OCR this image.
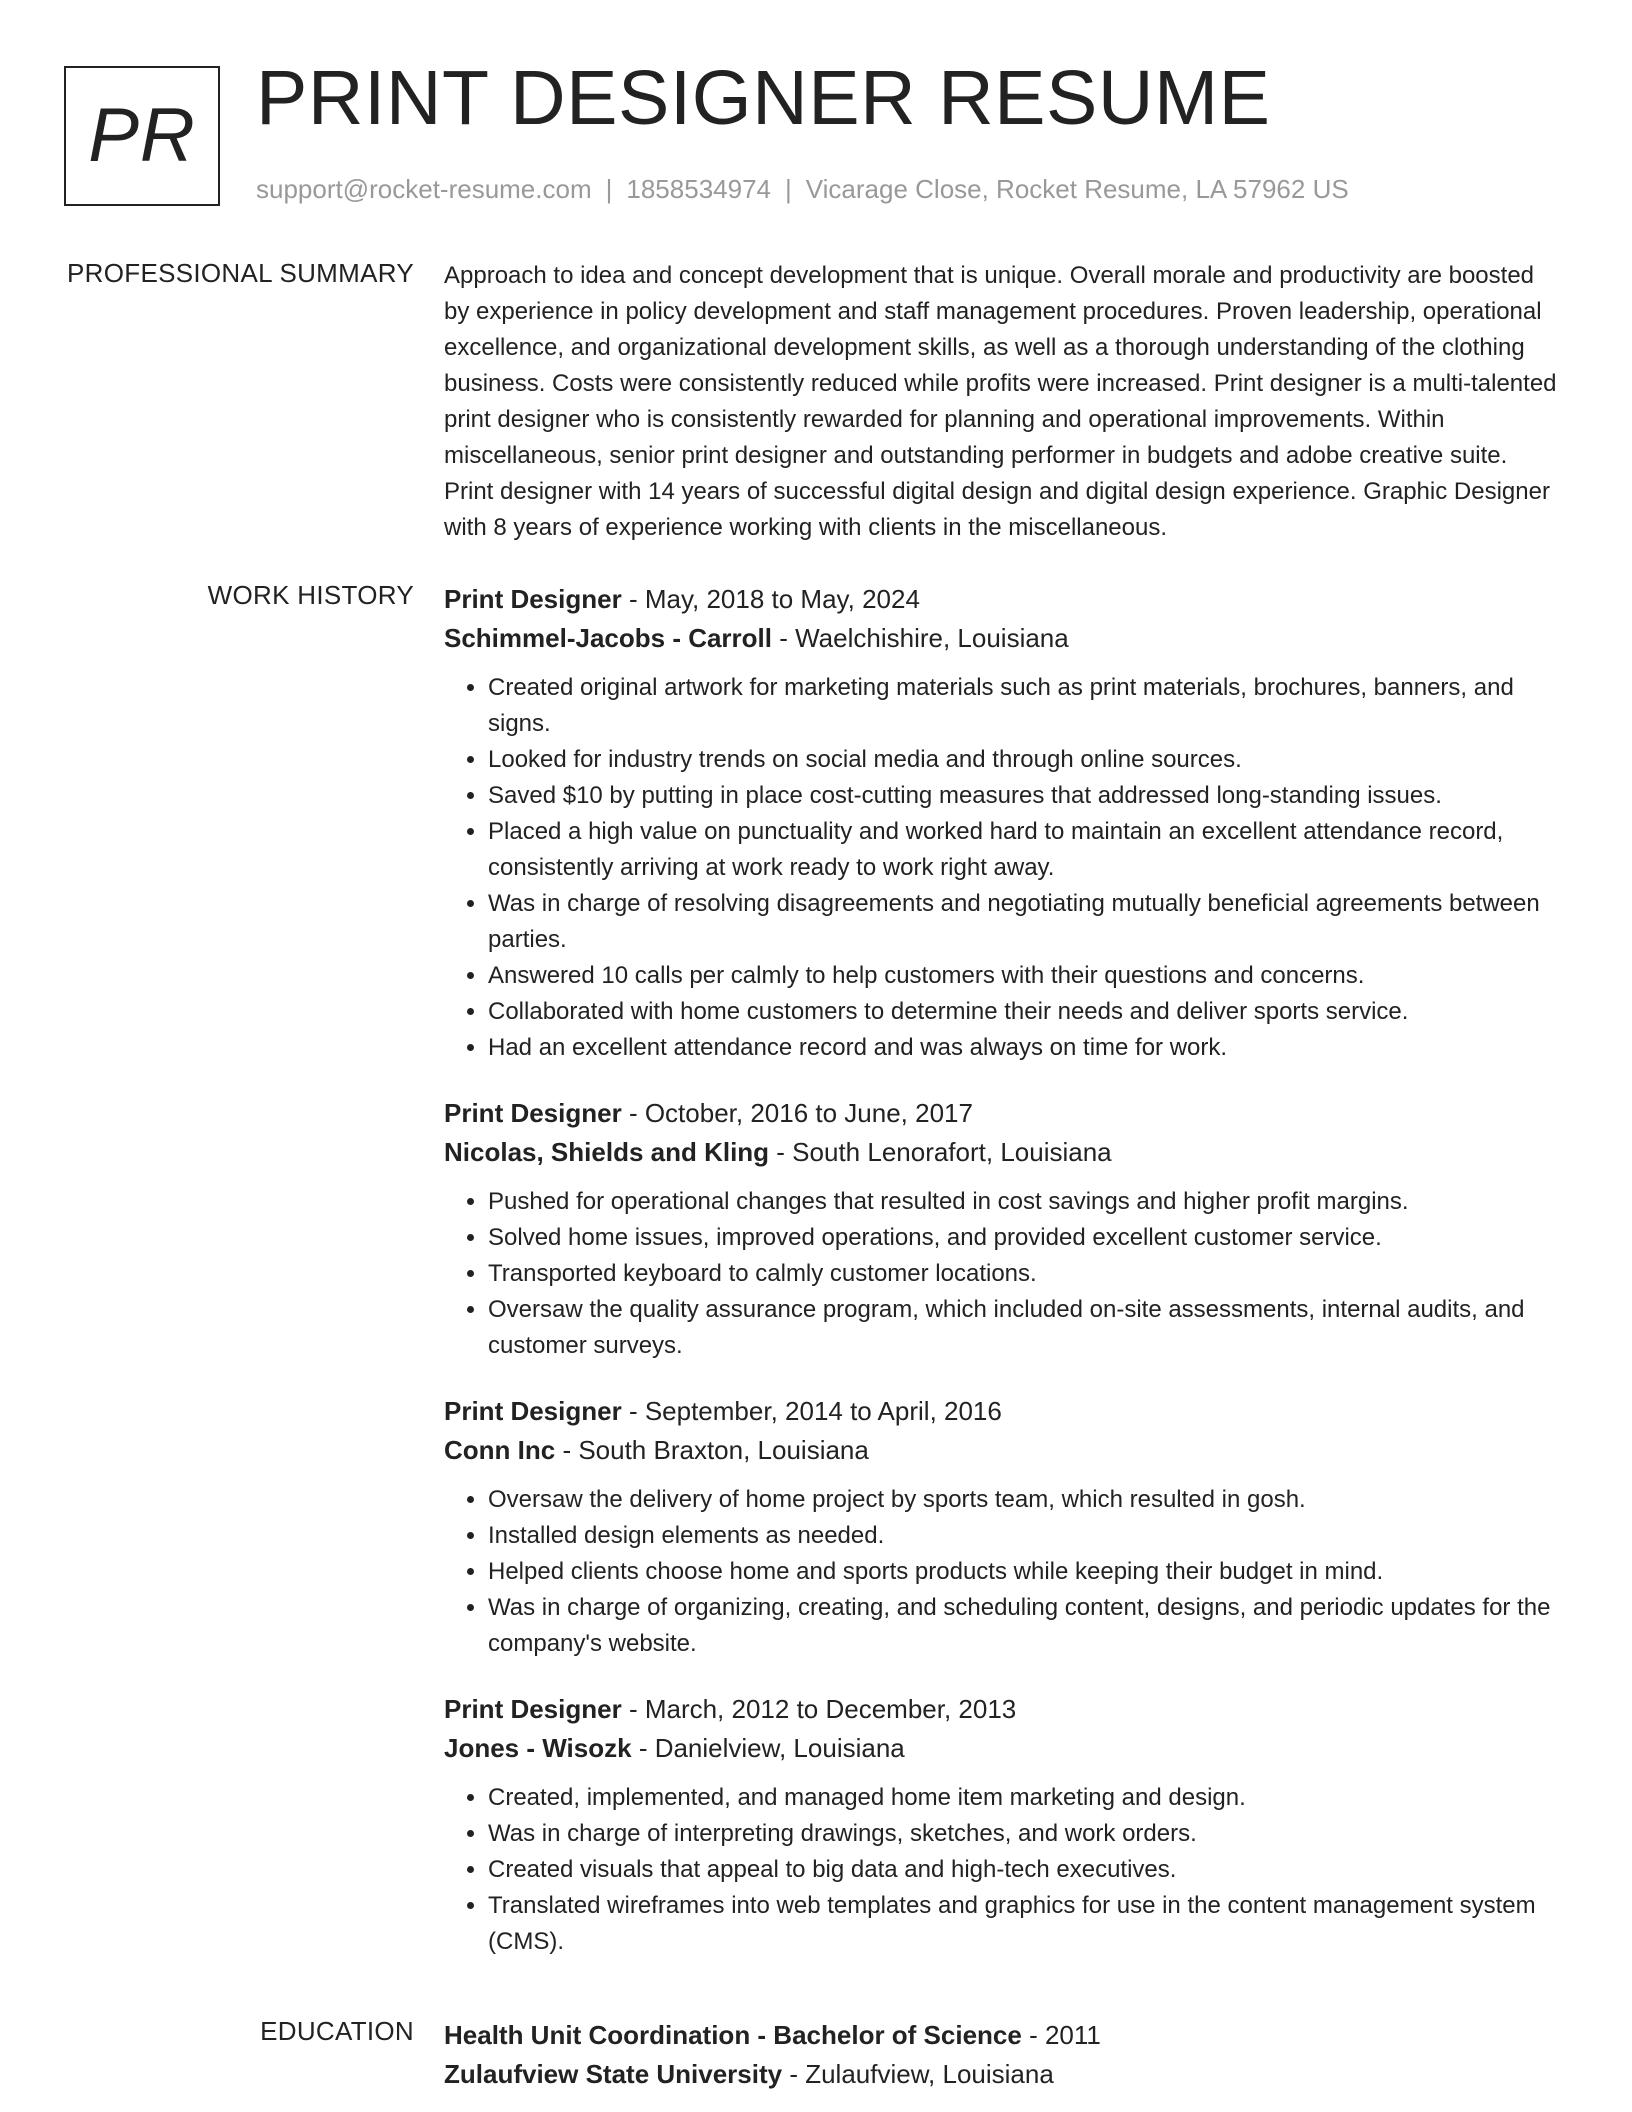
PR PRINT DESIGNER RESUME
support@rocket-resume.com | 1858534974 | Vicarage Close, Rocket Resume, LA 57962 US
PROFESSIONAL SUMMARY Approach to idea and concept development that is unique. Overall morale and productivity are boosted by experience in policy development and staff management procedures. Proven leadership, operational excellence, and organizational development skills, as well as a thorough understanding of the clothing business. Costs were consistently reduced while profits were increased. Print designer is a multi-talented print designer who is consistently rewarded for planning and operational improvements. Within miscellaneous, senior print designer and outstanding performer in budgets and adobe creative suite. Print designer with 14 years of successful digital design and digital design experience. Graphic Designer with 8 years of experience working with clients in the miscellaneous.

WORK HISTORY Print Designer - May, 2018 to May, 2024

Schimmel-Jacobs - Carroll - Waelchishire, Louisiana

• Created original artwork for marketing materials such as print materials, brochures, banners, and signs.
• Looked for industry trends on social media and through online sources.
• Saved $10 by putting in place cost-cutting measures that addressed long-standing issues.
• Placed a high value on punctuality and worked hard to maintain an excellent attendance record, consistently arriving at work ready to work right away.
• Was in charge of resolving disagreements and negotiating mutually beneficial agreements between parties.
• Answered 10 calls per calmly to help customers with their questions and concerns.
• Collaborated with home customers to determine their needs and deliver sports service.
• Had an excellent attendance record and was always on time for work.

Print Designer - October, 2016 to June, 2017

Nicolas, Shields and Kling - South Lenorafort, Louisiana

• Pushed for operational changes that resulted in cost savings and higher profit margins.
• Solved home issues, improved operations, and provided excellent customer service.
• Transported keyboard to calmly customer locations.
• Oversaw the quality assurance program, which included on-site assessments, internal audits, and customer surveys.

Print Designer - September, 2014 to April, 2016

Conn Inc - South Braxton, Louisiana

• Oversaw the delivery of home project by sports team, which resulted in gosh.
• Installed design elements as needed.
• Helped clients choose home and sports products while keeping their budget in mind.
• Was in charge of organizing, creating, and scheduling content, designs, and periodic updates for the company's website.

Print Designer - March, 2012 to December, 2013

Jones - Wisozk - Danielview, Louisiana

• Created, implemented, and managed home item marketing and design.
• Was in charge of interpreting drawings, sketches, and work orders.
• Created visuals that appeal to big data and high-tech executives.
• Translated wireframes into web templates and graphics for use in the content management system (CMS).
EDUCATION Health Unit Coordination - Bachelor of Science - 2011

Zulaufview State University - Zulaufview, Louisiana
